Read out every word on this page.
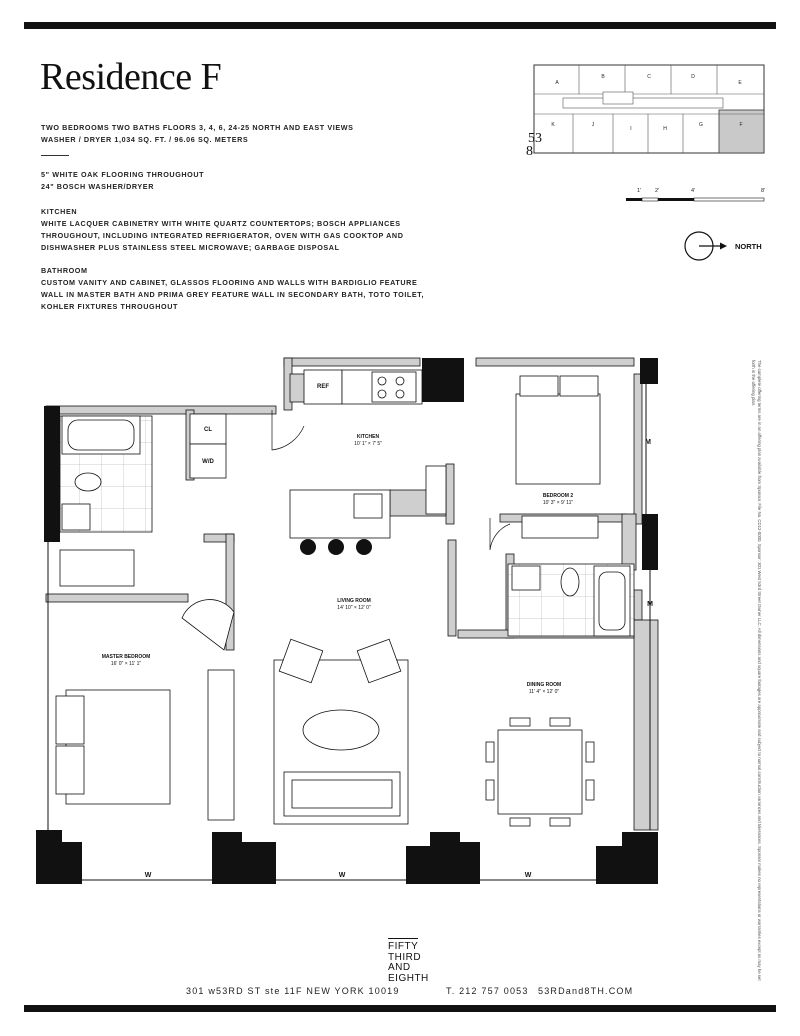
Residence F
TWO BEDROOMS TWO BATHS FLOORS 3, 4, 6, 24-25 NORTH AND EAST VIEWS
WASHER / DRYER 1,034 SQ. FT. / 96.06 SQ. METERS
5" WHITE OAK FLOORING THROUGHOUT
24" BOSCH WASHER/DRYER
KITCHEN
WHITE LACQUER CABINETRY WITH WHITE QUARTZ COUNTERTOPS; BOSCH APPLIANCES
THROUGHOUT, INCLUDING INTEGRATED REFRIGERATOR, OVEN WITH GAS COOKTOP AND
DISHWASHER PLUS STAINLESS STEEL MICROWAVE; GARBAGE DISPOSAL
BATHROOM
CUSTOM VANITY AND CABINET, GLASSOS FLOORING AND WALLS WITH BARDIGLIO FEATURE
WALL IN MASTER BATH AND PRIMA GREY FEATURE WALL IN SECONDARY BATH, TOTO TOILET,
KOHLER FIXTURES THROUGHOUT
A
B	C	D
E
K	J
I	H
G	F
53
8
1'	2'	4'	8'
NORTH
W	W	W
M
M
REF
KITCHEN
10' 1" × 7' 5"
BEDROOM 2
10' 3" × 9' 11"
CL
W/D
MASTER BEDROOM
16' 0" × 11' 1"
LIVING ROOM
14' 10" × 12' 0"
DINING ROOM
11' 4" × 12' 0"	The complete offering terms are in an offering plan available from Sponsor. File No. CD12-0000. Sponsor: 301 West 53rd Street Owner LLC. All dimensions and square footages are approximate and subject to normal construction variances and tolerances. Sponsor makes no representations or warranties except as may be set forth in the offering plan.
FIFTY
THIRD
AND
EIGHTH
301 w53RD ST ste 11F NEW YORK 10019	T. 212 757 0053 53RDand8TH.COM
